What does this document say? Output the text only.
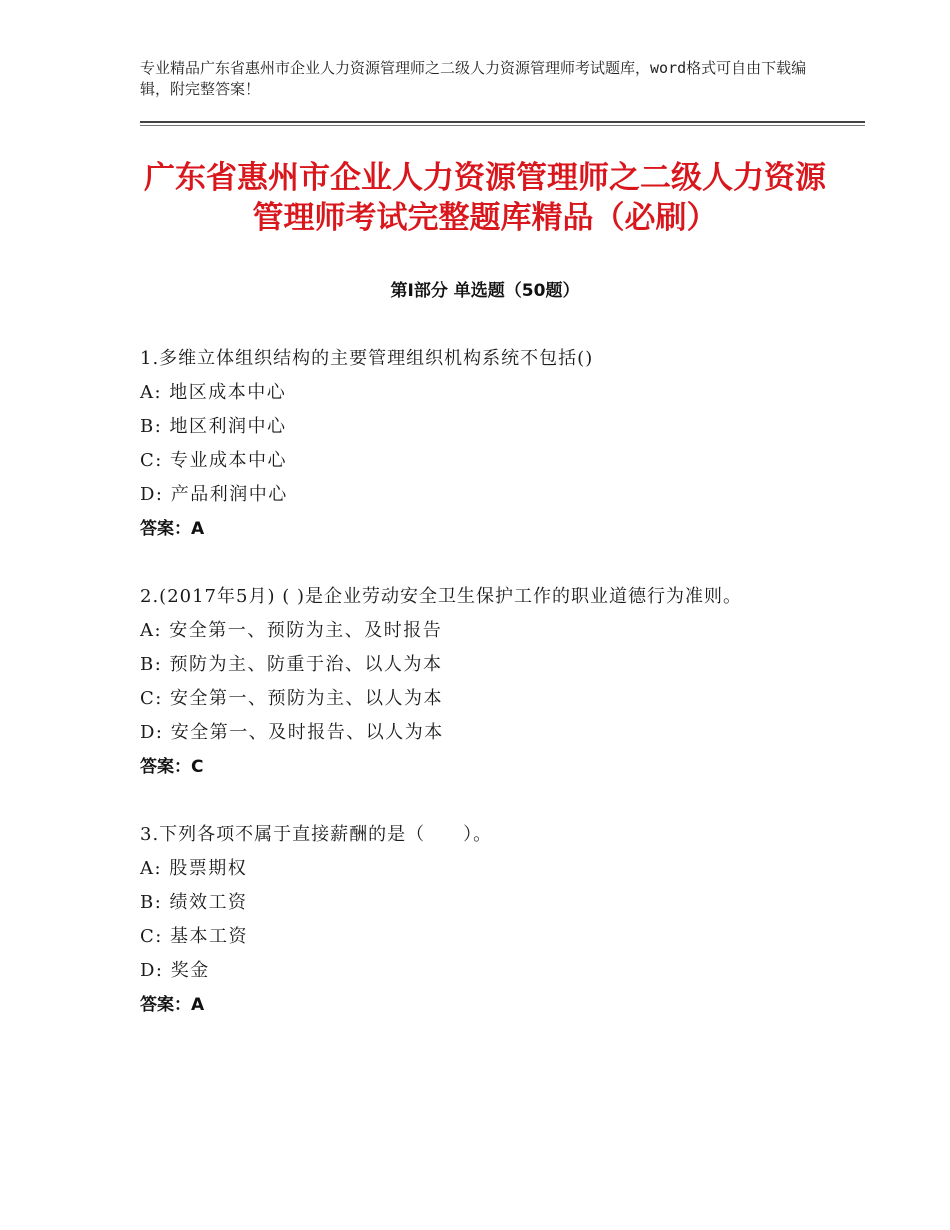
专业精品广东省惠州市企业人力资源管理师之二级人力资源管理师考试题库，word格式可自由下载编辑，附完整答案！
广东省惠州市企业人力资源管理师之二级人力资源管理师考试完整题库精品（必刷）
第Ⅰ部分 单选题（50题）
1.多维立体组织结构的主要管理组织机构系统不包括()
A: 地区成本中心
B: 地区利润中心
C: 专业成本中心
D: 产品利润中心
答案：A
2.(2017年5月) ( )是企业劳动安全卫生保护工作的职业道德行为准则。
A: 安全第一、预防为主、及时报告
B: 预防为主、防重于治、以人为本
C: 安全第一、预防为主、以人为本
D: 安全第一、及时报告、以人为本
答案：C
3.下列各项不属于直接薪酬的是（　　）。
A: 股票期权
B: 绩效工资
C: 基本工资
D: 奖金
答案：A
